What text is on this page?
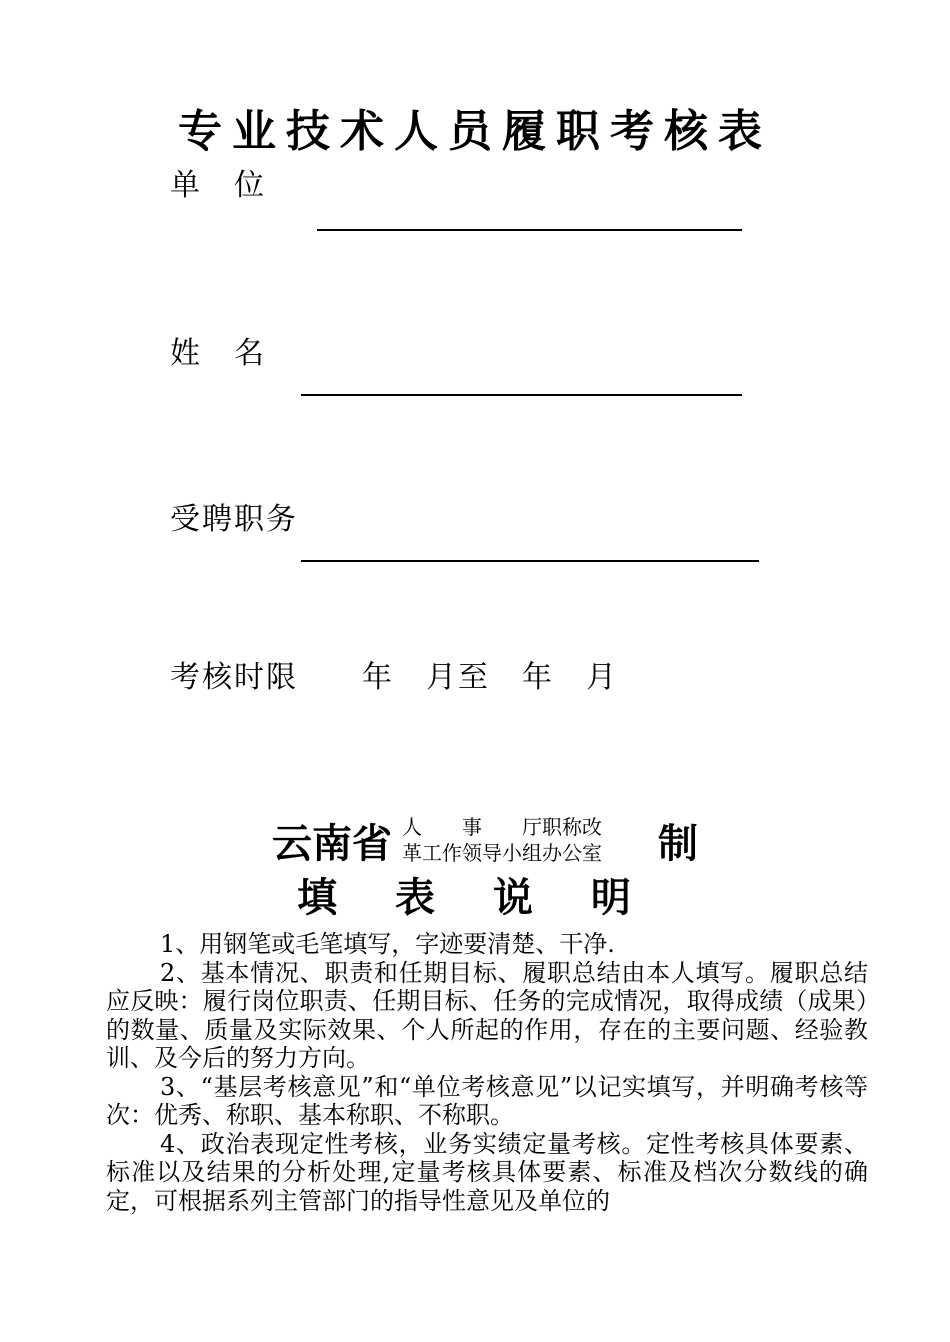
专业技术人员履职考核表
单　位
姓　名
受聘职务
考核时限　　年　月至　年　月
云南省 人　　事　　厅职称改
革工作领导小组办公室 制
填 表 说 明

1、用钢笔或毛笔填写，字迹要清楚、干净.

2、基本情况、职责和任期目标、履职总结由本人填写。履职总结应反映：履行岗位职责、任期目标、任务的完成情况，取得成绩（成果）的数量、质量及实际效果、个人所起的作用，存在的主要问题、经验教训、及今后的努力方向。

3、“基层考核意见”和“单位考核意见”以记实填写，并明确考核等次：优秀、称职、基本称职、不称职。

4、政治表现定性考核，业务实绩定量考核。定性考核具体要素、标准以及结果的分析处理,定量考核具体要素、标准及档次分数线的确定，可根据系列主管部门的指导性意见及单位的
